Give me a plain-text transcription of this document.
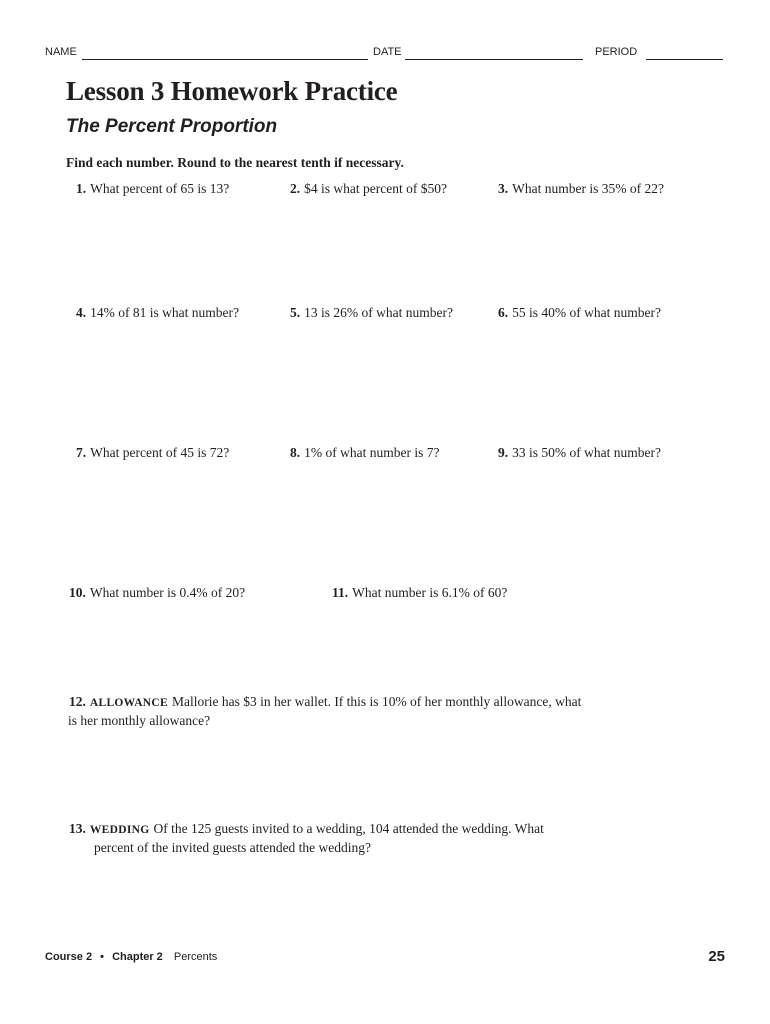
NAME	DATE	PERIOD
Lesson 3 Homework Practice
The Percent Proportion
Find each number. Round to the nearest tenth if necessary.
1. What percent of 65 is 13?	2. $4 is what percent of $50?	3. What number is 35% of 22?
4. 14% of 81 is what number?	5. 13 is 26% of what number?	6. 55 is 40% of what number?
7. What percent of 45 is 72?	8. 1% of what number is 7?	9. 33 is 50% of what number?
10. What number is 0.4% of 20?	11. What number is 6.1% of 60?
12. ALLOWANCE Mallorie has $3 in her wallet. If this is 10% of her monthly allowance, what
is her monthly allowance?
13. WEDDING Of the 125 guests invited to a wedding, 104 attended the wedding. What
percent of the invited guests attended the wedding?
Course 2 • Chapter 2 Percents	25
